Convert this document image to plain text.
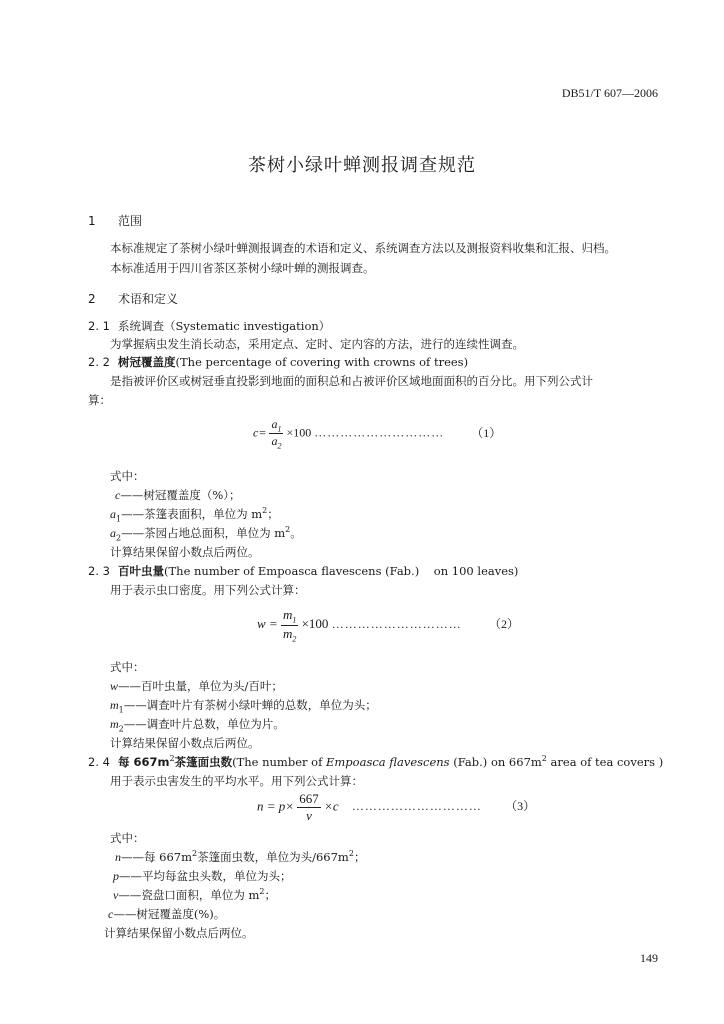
DB51/T 607—2006
茶树小绿叶蝉测报调查规范
1 范围
本标准规定了茶树小绿叶蝉测报调查的术语和定义、系统调查方法以及测报资料收集和汇报、归档。
本标准适用于四川省茶区茶树小绿叶蝉的测报调查。
2 术语和定义
2. 1 系统调查（Systematic investigation）
为掌握病虫发生消长动态，采用定点、定时、定内容的方法，进行的连续性调查。
2. 2 树冠覆盖度(The percentage of covering with crowns of trees)
是指被评价区或树冠垂直投影到地面的面积总和占被评价区域地面面积的百分比。用下列公式计
算：
$c= \frac{a_1}{a_2} \times 100$ ………………………… （1）
式中：
c——树冠覆盖度（%）；
$a_1——$茶篷表面积，单位为 $m^2$；
$a_2——$茶园占地总面积，单位为 $m^2$。
计算结果保留小数点后两位。
2. 3 百叶虫量(The number of Empoasca flavescens (Fab.)    on 100 leaves)
用于表示虫口密度。用下列公式计算：
$w = \frac{m_1}{m_2} \times 100$ ………………………… （2）
式中：
w——百叶虫量，单位为头/百叶；
$m_1——$调查叶片有茶树小绿叶蝉的总数，单位为头；
$m_2——$调查叶片总数，单位为片。
计算结果保留小数点后两位。
2. 4 每 $667m^2$茶篷面虫数(The number of Empoasca flavescens (Fab.) on $667m^2$ area of tea covers )
用于表示虫害发生的平均水平。用下列公式计算：
$n = p\times \frac{667}{v} \times c$ ………………………… （3）
式中：
n——每 $667m^2$茶篷面虫数，单位为头$/667m^2$；
p——平均每盆虫头数，单位为头；
v——瓷盘口面积，单位为 $m^2$；
c——树冠覆盖度(%)。
计算结果保留小数点后两位。
149
